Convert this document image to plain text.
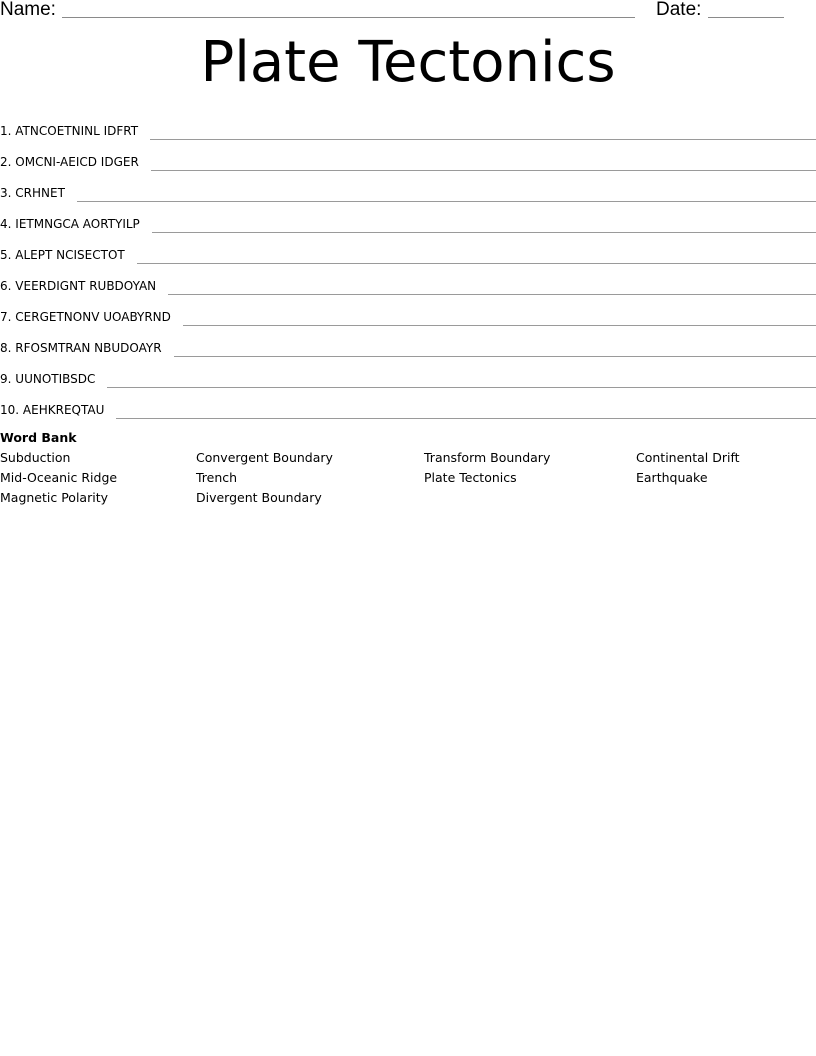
Name:	Date:
Plate Tectonics
1. ATNCOETNINL IDFRT
2. OMCNI-AEICD IDGER
3. CRHNET
4. IETMNGCA AORTYILP
5. ALEPT NCISECTOT
6. VEERDIGNT RUBDOYAN
7. CERGETNONV UOABYRND
8. RFOSMTRAN NBUDOAYR
9. UUNOTIBSDC
10. AEHKREQTAU

Word Bank

Subduction	Convergent Boundary	Transform Boundary	Continental Drift
Mid-Oceanic Ridge	Trench	Plate Tectonics	Earthquake
Magnetic Polarity	Divergent Boundary
